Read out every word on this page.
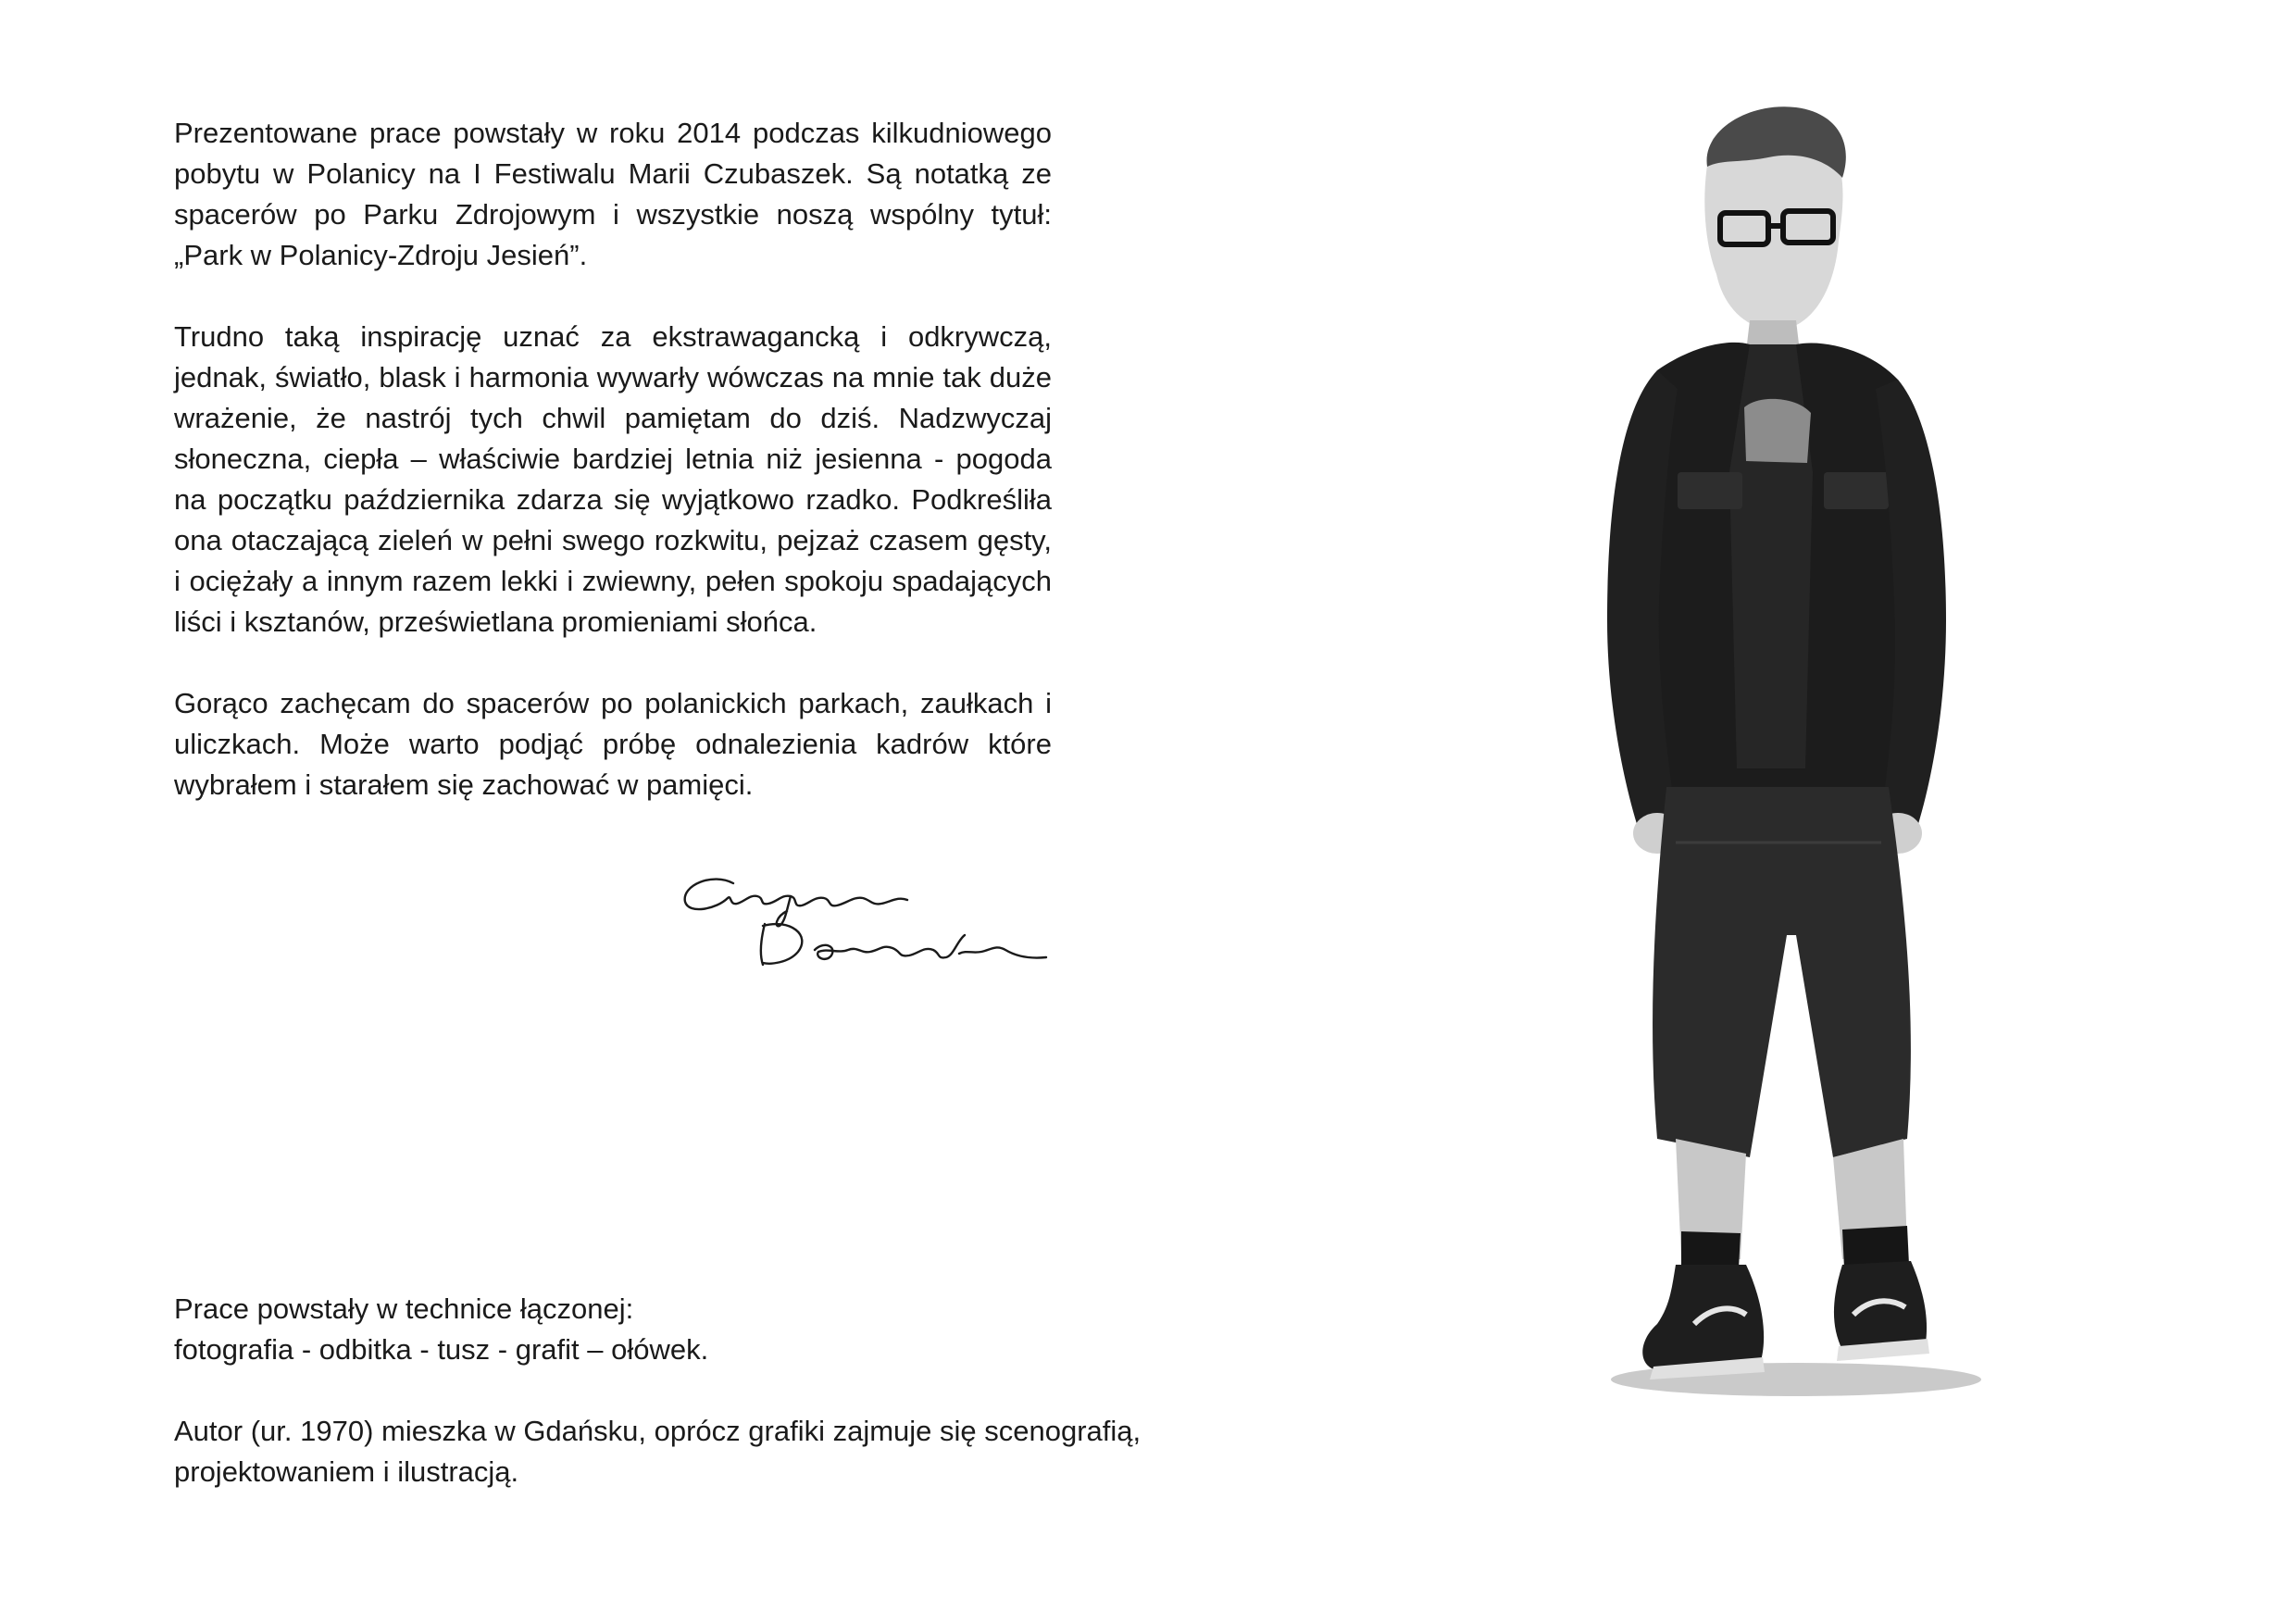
Prezentowane prace powstały w roku 2014 podczas kilkudniowego pobytu w Polanicy na I Festiwalu Marii Czubaszek. Są notatką ze spacerów po Parku Zdrojowym i wszystkie noszą wspólny tytuł: „Park w Polanicy-Zdroju Jesień”.

Trudno taką inspirację uznać za ekstrawagancką i odkrywczą, jednak, światło, blask i harmonia wywarły wówczas na mnie tak duże wrażenie, że nastrój tych chwil pamiętam do dziś. Nadzwyczaj słoneczna, ciepła – właściwie bardziej letnia niż jesienna - pogoda na początku października zdarza się wyjątkowo rzadko. Podkreśliła ona otaczającą zieleń w pełni swego rozkwitu, pejzaż czasem gęsty, i ociężały a innym razem lekki i zwiewny, pełen spokoju spadających liści i ksztanów, prześwietlana promieniami słońca.

Gorąco zachęcam do spacerów po polanickich parkach, zaułkach i uliczkach. Może warto podjąć próbę odnalezienia kadrów które wybrałem i starałem się zachować w pamięci.

Prace powstały w technice łączonej:
fotografia - odbitka - tusz - grafit – ołówek.

Autor (ur. 1970) mieszka w Gdańsku, oprócz grafiki zajmuje się scenografią,
projektowaniem i ilustracją.
